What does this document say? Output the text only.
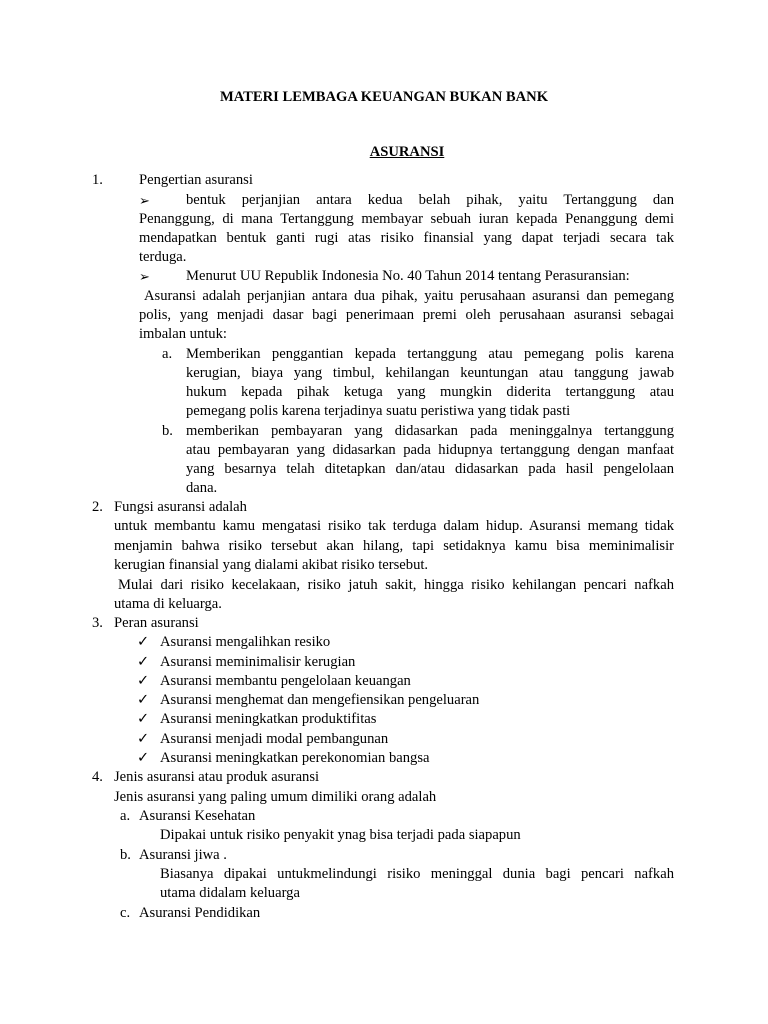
MATERI LEMBAGA KEUANGAN BUKAN BANK
ASURANSI
1. Pengertian asuransi
➢ bentuk perjanjian antara kedua belah pihak, yaitu Tertanggung dan
Penanggung, di mana Tertanggung membayar sebuah iuran kepada Penanggung demi
mendapatkan bentuk ganti rugi atas risiko finansial yang dapat terjadi secara tak
terduga.
➢ Menurut UU Republik Indonesia No. 40 Tahun 2014 tentang Perasuransian:
Asuransi adalah perjanjian antara dua pihak, yaitu perusahaan asuransi dan pemegang
polis, yang menjadi dasar bagi penerimaan premi oleh perusahaan asuransi sebagai
imbalan untuk:
a. Memberikan penggantian kepada tertanggung atau pemegang polis karena
kerugian, biaya yang timbul, kehilangan keuntungan atau tanggung jawab
hukum kepada pihak ketuga yang mungkin diderita tertanggung atau
pemegang polis karena terjadinya suatu peristiwa yang tidak pasti
b. memberikan pembayaran yang didasarkan pada meninggalnya tertanggung
atau pembayaran yang didasarkan pada hidupnya tertanggung dengan manfaat
yang besarnya telah ditetapkan dan/atau didasarkan pada hasil pengelolaan
dana.
2. Fungsi asuransi adalah
untuk membantu kamu mengatasi risiko tak terduga dalam hidup. Asuransi memang tidak
menjamin bahwa risiko tersebut akan hilang, tapi setidaknya kamu bisa meminimalisir
kerugian finansial yang dialami akibat risiko tersebut.
Mulai dari risiko kecelakaan, risiko jatuh sakit, hingga risiko kehilangan pencari nafkah
utama di keluarga.
3. Peran asuransi
✓ Asuransi mengalihkan resiko
✓ Asuransi meminimalisir kerugian
✓ Asuransi membantu pengelolaan keuangan
✓ Asuransi menghemat dan mengefiensikan pengeluaran
✓ Asuransi meningkatkan produktifitas
✓ Asuransi menjadi modal pembangunan
✓ Asuransi meningkatkan perekonomian bangsa
4. Jenis asuransi atau produk asuransi
Jenis asuransi yang paling umum dimiliki orang adalah
a. Asuransi Kesehatan
Dipakai untuk risiko penyakit ynag bisa terjadi pada siapapun
b. Asuransi jiwa .
Biasanya dipakai untukmelindungi risiko meninggal dunia bagi pencari nafkah
utama didalam keluarga
c. Asuransi Pendidikan
